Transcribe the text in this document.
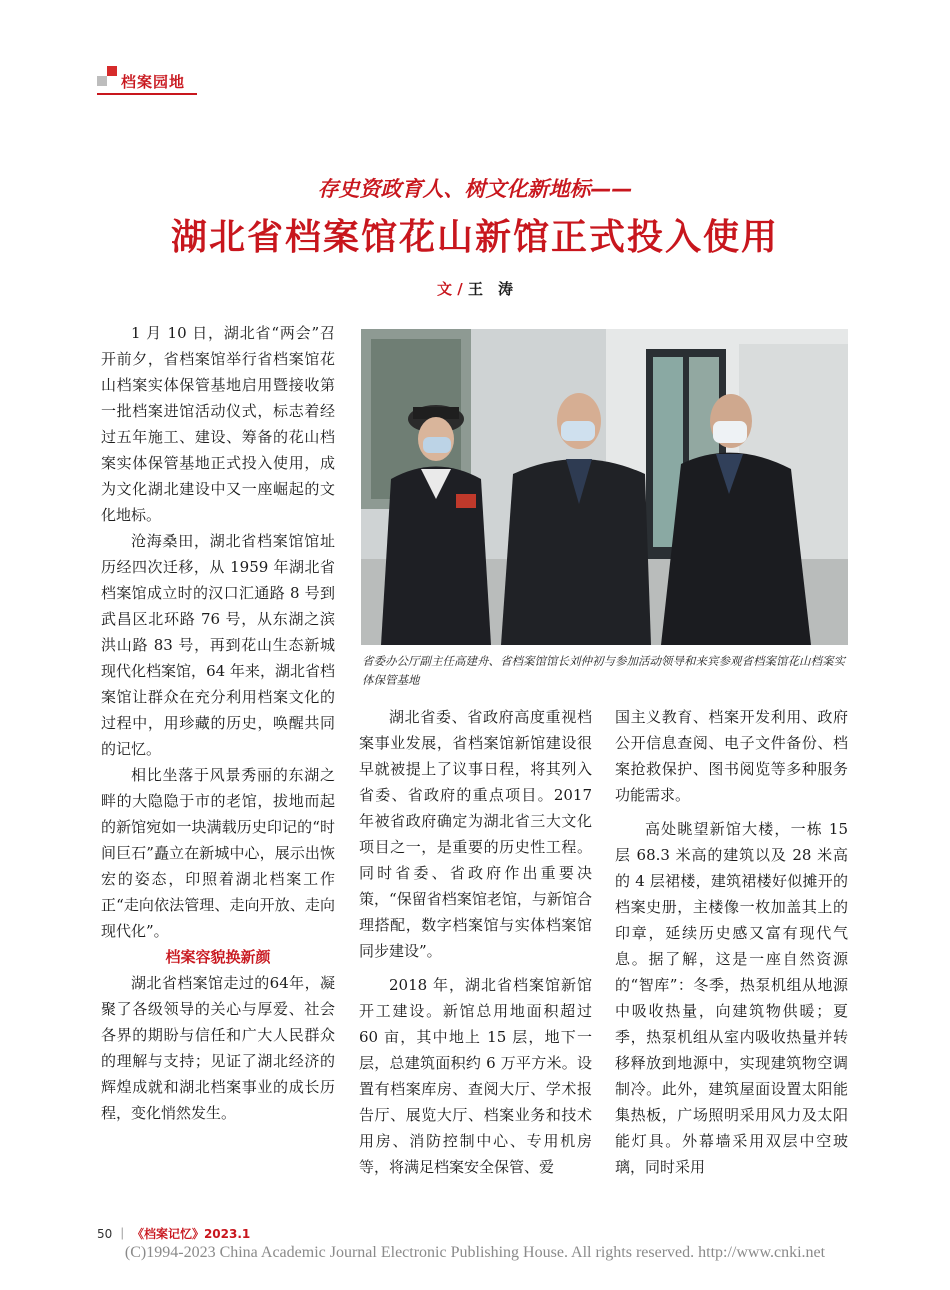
档案园地
存史资政育人、树文化新地标——
湖北省档案馆花山新馆正式投入使用
文 / 王　涛

1 月 10 日，湖北省“两会”召开前夕，省档案馆举行省档案馆花山档案实体保管基地启用暨接收第一批档案进馆活动仪式，标志着经过五年施工、建设、筹备的花山档案实体保管基地正式投入使用，成为文化湖北建设中又一座崛起的文化地标。

沧海桑田，湖北省档案馆馆址历经四次迁移，从 1959 年湖北省档案馆成立时的汉口汇通路 8 号到武昌区北环路 76 号，从东湖之滨洪山路 83 号，再到花山生态新城现代化档案馆，64 年来，湖北省档案馆让群众在充分利用档案文化的过程中，用珍藏的历史，唤醒共同的记忆。

相比坐落于风景秀丽的东湖之畔的大隐隐于市的老馆，拔地而起的新馆宛如一块满载历史印记的“时间巨石”矗立在新城中心，展示出恢宏的姿态，印照着湖北档案工作正“走向依法管理、走向开放、走向现代化”。

档案容貌换新颜

湖北省档案馆走过的64年，凝聚了各级领导的关心与厚爱、社会各界的期盼与信任和广大人民群众的理解与支持；见证了湖北经济的辉煌成就和湖北档案事业的成长历程，变化悄然发生。

省委办公厅副主任高建舟、省档案馆馆长刘仲初与参加活动领导和来宾参观省档案馆花山档案实体保管基地

湖北省委、省政府高度重视档案事业发展，省档案馆新馆建设很早就被提上了议事日程，将其列入省委、省政府的重点项目。2017 年被省政府确定为湖北省三大文化项目之一，是重要的历史性工程。同时省委、省政府作出重要决策，“保留省档案馆老馆，与新馆合理搭配，数字档案馆与实体档案馆同步建设”。

2018 年，湖北省档案馆新馆开工建设。新馆总用地面积超过 60 亩，其中地上 15 层，地下一层，总建筑面积约 6 万平方米。设置有档案库房、查阅大厅、学术报告厅、展览大厅、档案业务和技术用房、消防控制中心、专用机房等，将满足档案安全保管、爱

国主义教育、档案开发利用、政府公开信息查阅、电子文件备份、档案抢救保护、图书阅览等多种服务功能需求。

高处眺望新馆大楼，一栋 15 层 68.3 米高的建筑以及 28 米高的 4 层裙楼，建筑裙楼好似摊开的档案史册，主楼像一枚加盖其上的印章，延续历史感又富有现代气息。据了解，这是一座自然资源的“智库”：冬季，热泵机组从地源中吸收热量，向建筑物供暖；夏季，热泵机组从室内吸收热量并转移释放到地源中，实现建筑物空调制冷。此外，建筑屋面设置太阳能集热板，广场照明采用风力及太阳能灯具。外幕墙采用双层中空玻璃，同时采用

50 ｜ 《档案记忆》2023.1
(C)1994-2023 China Academic Journal Electronic Publishing House. All rights reserved. http://www.cnki.net
